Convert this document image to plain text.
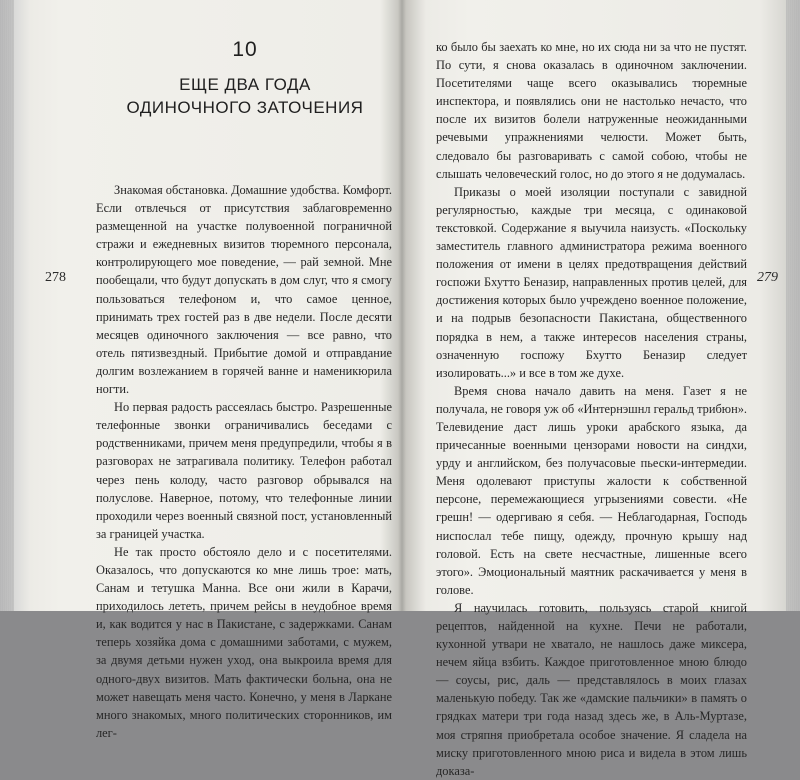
10
ЕЩЕ ДВА ГОДА
ОДИНОЧНОГО ЗАТОЧЕНИЯ
278

Знакомая обстановка. Домашние удобства. Комфорт. Если отвлечься от присутствия заблаговременно размещенной на участке полувоенной пограничной стражи и ежедневных визитов тюремного персонала, контролирующего мое поведение, — рай земной. Мне пообещали, что будут допускать в дом слуг, что я смогу пользоваться телефоном и, что самое ценное, принимать трех гостей раз в две недели. После десяти месяцев одиночного заключения — все равно, что отель пятизвездный. Прибытие домой и отправдание долгим возлежанием в горячей ванне и наменикюрила ногти.

Но первая радость рассеялась быстро. Разрешенные телефонные звонки ограничивались беседами с родственниками, причем меня предупредили, чтобы я в разговорах не затрагивала политику. Телефон работал через пень колоду, часто разговор обрывался на полуслове. Наверное, потому, что телефонные линии проходили через военный связной пост, установленный за границей участка.

Не так просто обстояло дело и с посетителями. Оказалось, что допускаются ко мне лишь трое: мать, Санам и тетушка Манна. Все они жили в Карачи, приходилось лететь, причем рейсы в неудобное время и, как водится у нас в Пакистане, с задержками. Санам теперь хозяйка дома с домашними заботами, с мужем, за двумя детьми нужен уход, она выкроила время для одного-двух визитов. Мать фактически больна, она не может навещать меня часто. Конечно, у меня в Ларкане много знакомых, много политических сторонников, им лег-

ко было бы заехать ко мне, но их сюда ни за что не пустят. По сути, я снова оказалась в одиночном заключении. Посетителями чаще всего оказывались тюремные инспектора, и появлялись они не настолько нечасто, что после их визитов болели натруженные неожиданными речевыми упражнениями челюсти. Может быть, следовало бы разговаривать с самой собою, чтобы не слышать человеческий голос, но до этого я не додумалась.

Приказы о моей изоляции поступали с завидной регулярностью, каждые три месяца, с одинаковой текстовкой. Содержание я выучила наизусть. «Поскольку заместитель главного администратора режима военного положения от имени в целях предотвращения действий госпожи Бхутто Беназир, направленных против целей, для достижения которых было учреждено военное положение, и на подрыв безопасности Пакистана, общественного порядка в нем, а также интересов населения страны, означенную госпожу Бхутто Беназир следует изолировать...» и все в том же духе.

Время снова начало давить на меня. Газет я не получала, не говоря уж об «Интернэшнл геральд трибюн». Телевидение даст лишь уроки арабского языка, да причесанные военными цензорами новости на синдхи, урду и английском, без получасовые пьески-интермедии. Меня одолевают приступы жалости к собственной персоне, перемежающиеся угрызениями совести. «Не грешн! — одергиваю я себя. — Неблагодарная, Господь ниспослал тебе пищу, одежду, прочную крышу над головой. Есть на свете несчастные, лишенные всего этого». Эмоциональный маятник раскачивается у меня в голове.

Я научилась готовить, пользуясь старой книгой рецептов, найденной на кухне. Печи не работали, кухонной утвари не хватало, не нашлось даже миксера, нечем яйца взбить. Каждое приготовленное мною блюдо — соусы, рис, даль — представлялось в моих глазах маленькую победу. Так же «дамские пальчики» в память о грядках матери три года назад здесь же, в Аль-Муртазе, моя стряпня приобретала особое значение. Я сладела на миску приготовленного мною риса и видела в этом лишь доказа-

279
